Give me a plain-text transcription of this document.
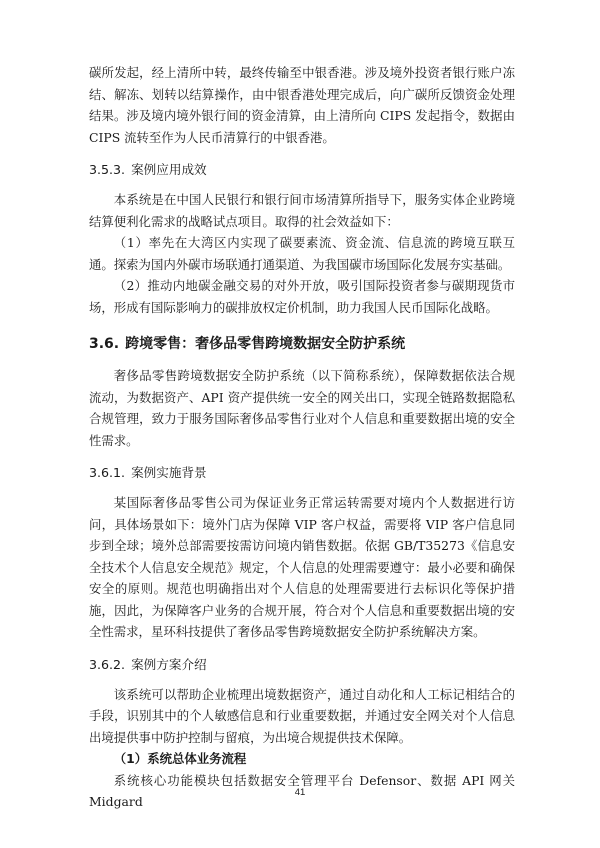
碳所发起，经上清所中转，最终传输至中银香港。涉及境外投资者银行账户冻结、解冻、划转以结算操作，由中银香港处理完成后，向广碳所反馈资金处理结果。涉及境内境外银行间的资金清算，由上清所向 CIPS 发起指令，数据由 CIPS 流转至作为人民币清算行的中银香港。

3.5.3. 案例应用成效

本系统是在中国人民银行和银行间市场清算所指导下，服务实体企业跨境结算便利化需求的战略试点项目。取得的社会效益如下：

（1）率先在大湾区内实现了碳要素流、资金流、信息流的跨境互联互通。探索为国内外碳市场联通打通渠道、为我国碳市场国际化发展夯实基础。

（2）推动内地碳金融交易的对外开放，吸引国际投资者参与碳期现货市场，形成有国际影响力的碳排放权定价机制，助力我国人民币国际化战略。

3.6. 跨境零售：奢侈品零售跨境数据安全防护系统

奢侈品零售跨境数据安全防护系统（以下简称系统），保障数据依法合规流动，为数据资产、API 资产提供统一安全的网关出口，实现全链路数据隐私合规管理，致力于服务国际奢侈品零售行业对个人信息和重要数据出境的安全性需求。

3.6.1. 案例实施背景

某国际奢侈品零售公司为保证业务正常运转需要对境内个人数据进行访问，具体场景如下：境外门店为保障 VIP 客户权益，需要将 VIP 客户信息同步到全球；境外总部需要按需访问境内销售数据。依据 GB/T35273《信息安全技术个人信息安全规范》规定，个人信息的处理需要遵守：最小必要和确保安全的原则。规范也明确指出对个人信息的处理需要进行去标识化等保护措施，因此，为保障客户业务的合规开展，符合对个人信息和重要数据出境的安全性需求，星环科技提供了奢侈品零售跨境数据安全防护系统解决方案。

3.6.2. 案例方案介绍

该系统可以帮助企业梳理出境数据资产，通过自动化和人工标记相结合的手段，识别其中的个人敏感信息和行业重要数据，并通过安全网关对个人信息出境提供事中防护控制与留痕，为出境合规提供技术保障。

（1）系统总体业务流程

系统核心功能模块包括数据安全管理平台 Defensor、数据 API 网关 Midgard

41
